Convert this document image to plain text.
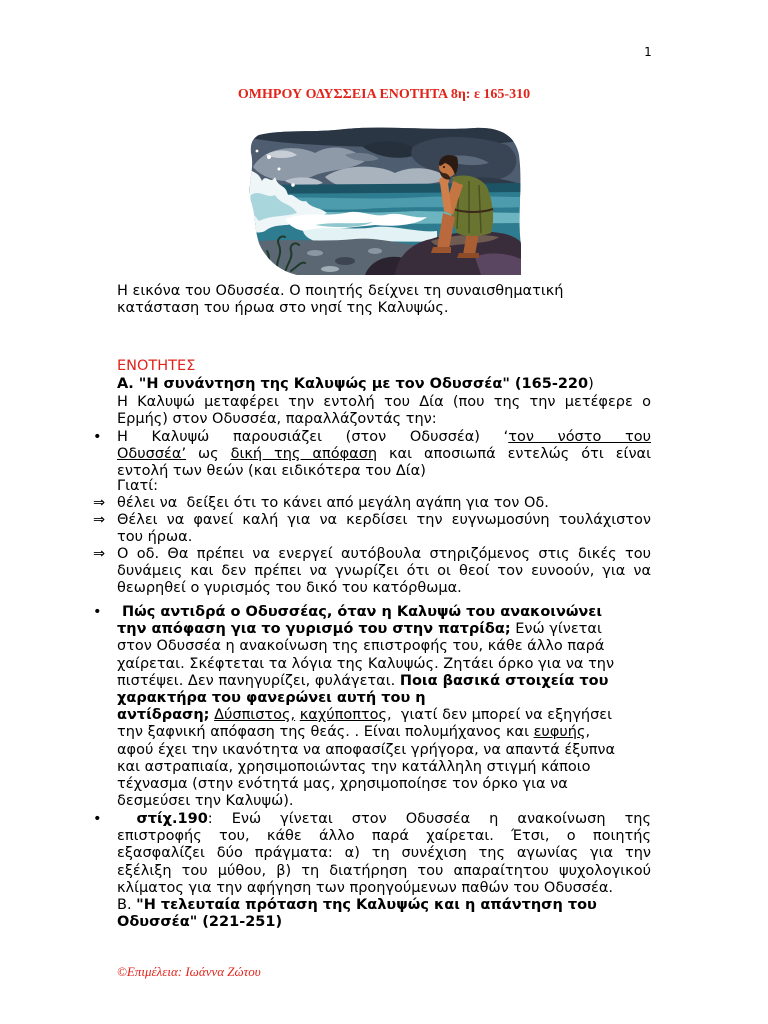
1
ΟΜΗΡΟΥ ΟΔΥΣΣΕΙΑ ΕΝΟΤΗΤΑ 8η: ε 165-310
Η εικόνα του Οδυσσέα. Ο ποιητής δείχνει τη συναισθηματική
κατάσταση του ήρωα στο νησί της Καλυψώς.
ΕΝΟΤΗΤΕΣ
Α. "Η συνάντηση της Καλυψώς με τον Οδυσσέα" (165-220)
Η Καλυψώ μεταφέρει την εντολή του Δία (που της την μετέφερε ο
Ερμής) στον Οδυσσέα, παραλλάζοντάς την:
• Η Καλυψώ παρουσιάζει (στον Οδυσσέα) ‘τον νόστο του
Οδυσσέα’ ως δική της απόφαση και αποσιωπά εντελώς ότι είναι
εντολή των θεών (και ειδικότερα του Δία)
Γιατί:
⇒ θέλει να  δείξει ότι το κάνει από μεγάλη αγάπη για τον Οδ.
⇒ Θέλει να φανεί καλή για να κερδίσει την ευγνωμοσύνη τουλάχιστον
του ήρωα.
⇒ Ο οδ. Θα πρέπει να ενεργεί αυτόβουλα στηριζόμενος στις δικές του
δυνάμεις και δεν πρέπει να γνωρίζει ότι οι θεοί τον ευνοούν, για να
θεωρηθεί ο γυρισμός του δικό του κατόρθωμα.
• Πώς αντιδρά ο Οδυσσέας, όταν η Καλυψώ του ανακοινώνει
την απόφαση για το γυρισμό του στην πατρίδα; Ενώ γίνεται
στον Οδυσσέα η ανακοίνωση της επιστροφής του, κάθε άλλο παρά
χαίρεται. Σκέφτεται τα λόγια της Καλυψώς. Ζητάει όρκο για να την
πιστέψει. Δεν πανηγυρίζει, φυλάγεται. Ποια βασικά στοιχεία του
χαρακτήρα του φανερώνει αυτή του η
αντίδραση; Δύσπιστος, καχύποπτος,  γιατί δεν μπορεί να εξηγήσει
την ξαφνική απόφαση της θεάς. . Είναι πολυμήχανος και ευφυής,
αφού έχει την ικανότητα να αποφασίζει γρήγορα, να απαντά έξυπνα
και αστραπιαία, χρησιμοποιώντας την κατάλληλη στιγμή κάποιο
τέχνασμα (στην ενότητά μας, χρησιμοποίησε τον όρκο για να
δεσμεύσει την Καλυψώ).
• στίχ.190: Ενώ γίνεται στον Οδυσσέα η ανακοίνωση της
επιστροφής του, κάθε άλλο παρά χαίρεται. Έτσι, ο ποιητής
εξασφαλίζει δύο πράγματα: α) τη συνέχιση της αγωνίας για την
εξέλιξη του μύθου, β) τη διατήρηση του απαραίτητου ψυχολογικού
κλίματος για την αφήγηση των προηγούμενων παθών του Οδυσσέα.
Β. "Η τελευταία πρόταση της Καλυψώς και η απάντηση του
Οδυσσέα" (221-251)
©Επιμέλεια: Ιωάννα Ζώτου
